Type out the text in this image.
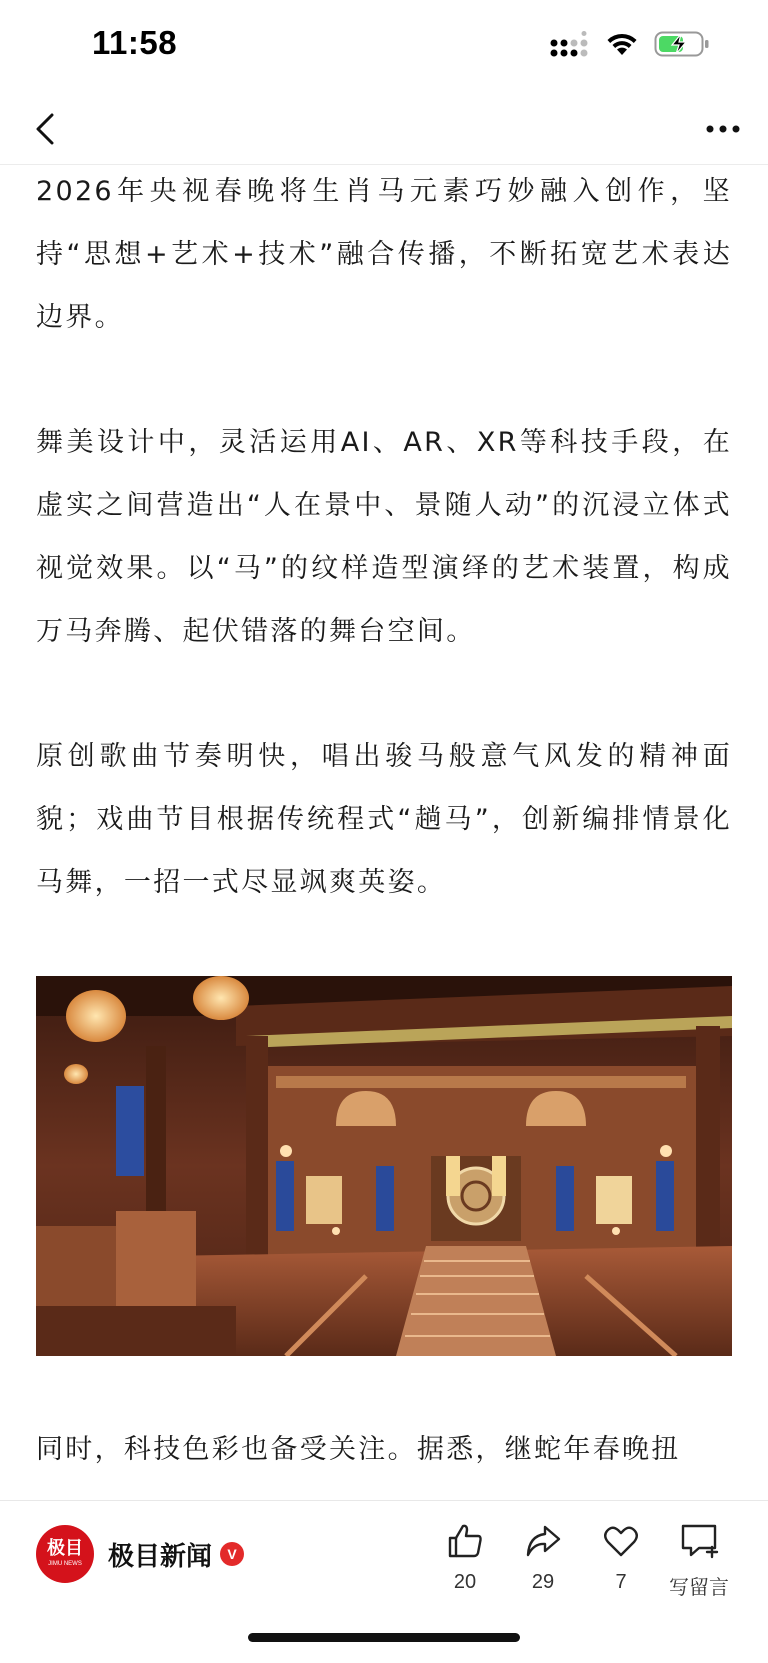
11:58

2026年央视春晚将生肖马元素巧妙融入创作，坚持“思想+艺术+技术”融合传播，不断拓宽艺术表达边界。

舞美设计中，灵活运用AI、AR、XR等科技手段，在虚实之间营造出“人在景中、景随人动”的沉浸立体式视觉效果。以“马”的纹样造型演绎的艺术装置，构成万马奔腾、起伏错落的舞台空间。

原创歌曲节奏明快，唱出骏马般意气风发的精神面貌；戏曲节目根据传统程式“趟马”，创新编排情景化马舞，一招一式尽显飒爽英姿。

同时，科技色彩也备受关注。据悉，继蛇年春晚扭

极目
JIMU NEWS 极目新闻	V
20	29	7 写留言
